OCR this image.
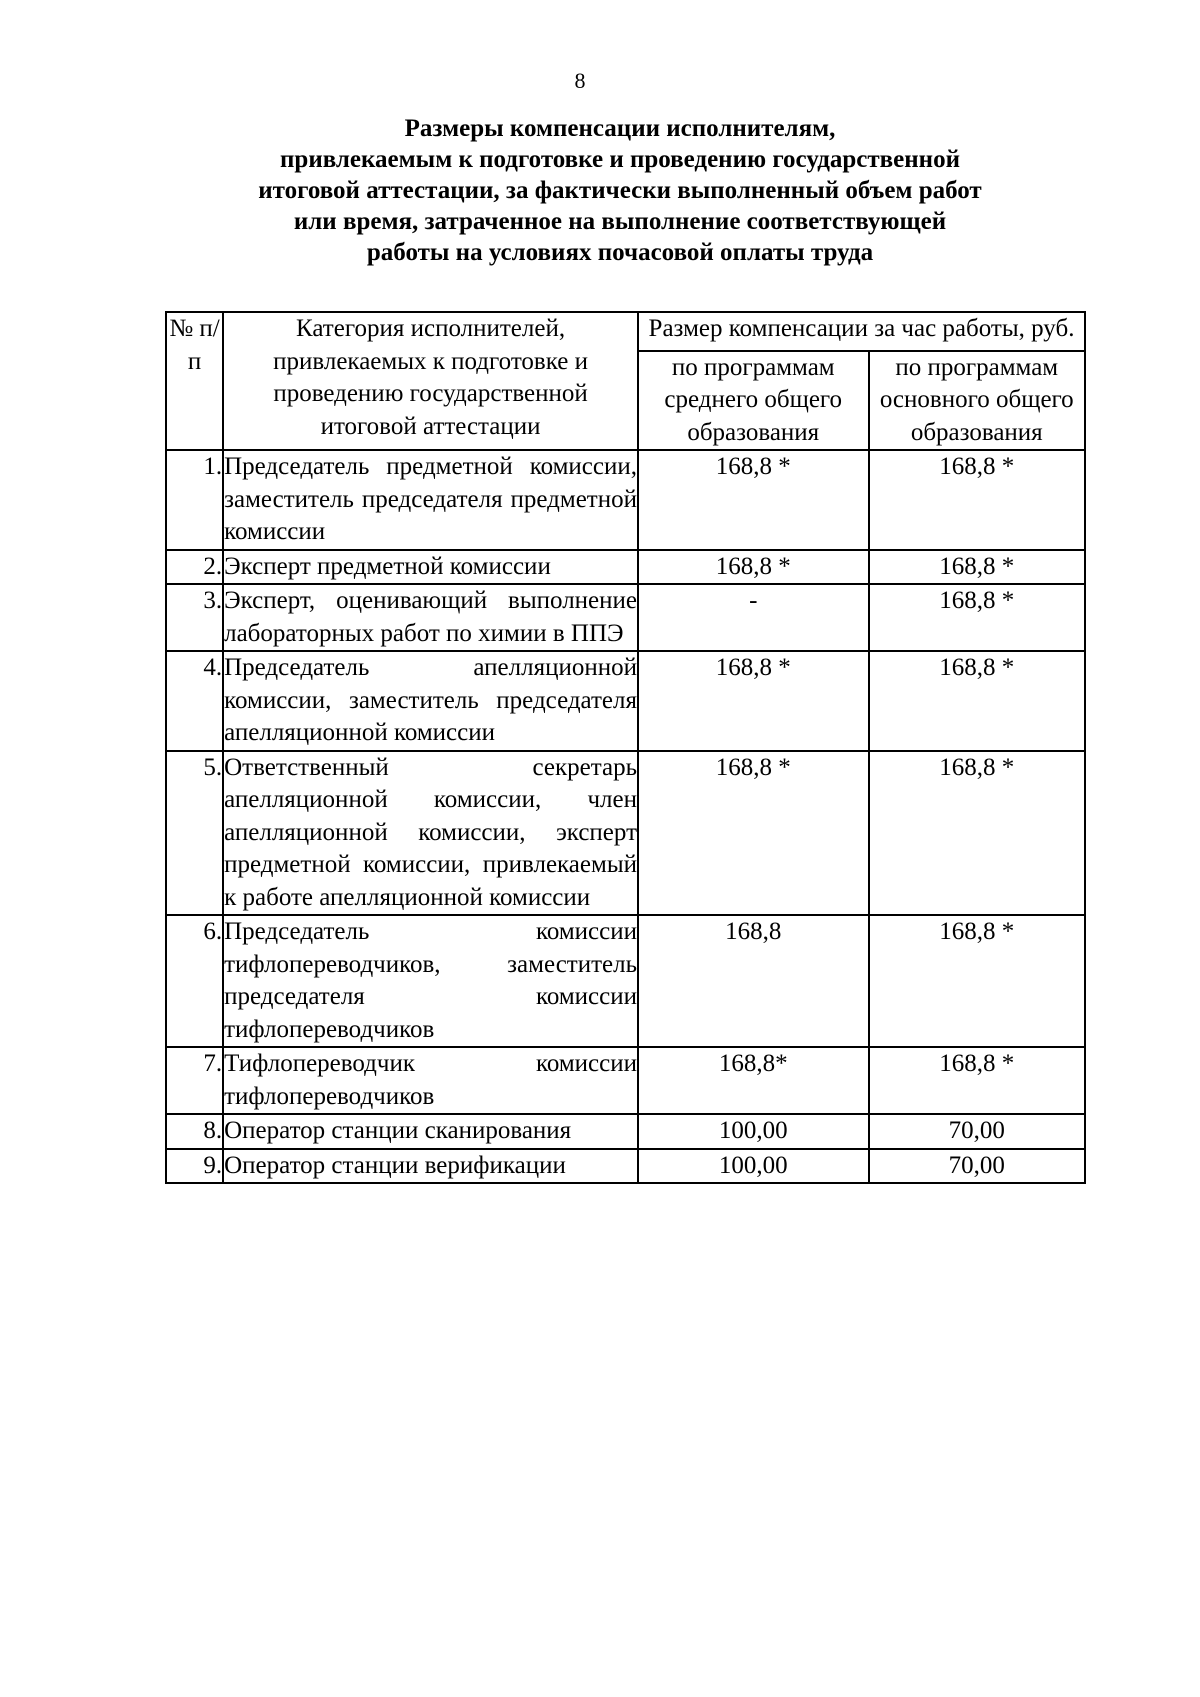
8
Размеры компенсации исполнителям,
привлекаемым к подготовке и проведению государственной
итоговой аттестации, за фактически выполненный объем работ
или время, затраченное на выполнение соответствующей
работы на условиях почасовой оплаты труда
№ п/п	Категория исполнителей, привлекаемых к подготовке и проведению государственной итоговой аттестации	Размер компенсации за час работы, руб.	
		по программам среднего общего образования	по программам основного общего образования
1.	Председатель предметной комиссии, заместитель председателя предметной комиссии	168,8 *	168,8 *
2.	Эксперт предметной комиссии	168,8 *	168,8 *
3.	Эксперт, оценивающий выполнение лабораторных работ по химии в ППЭ	-	168,8 *
4.	Председатель апелляционной комиссии, заместитель председателя апелляционной комиссии	168,8 *	168,8 *
5.	Ответственный секретарь апелляционной комиссии, член апелляционной комиссии, эксперт предметной комиссии, привлекаемый к работе апелляционной комиссии	168,8 *	168,8 *
6.	Председатель комиссии тифлопереводчиков, заместитель председателя комиссии тифлопереводчиков	168,8	168,8 *
7.	Тифлопереводчик комиссии тифлопереводчиков	168,8*	168,8 *
8.	Оператор станции сканирования	100,00	70,00
9.	Оператор станции верификации	100,00	70,00
